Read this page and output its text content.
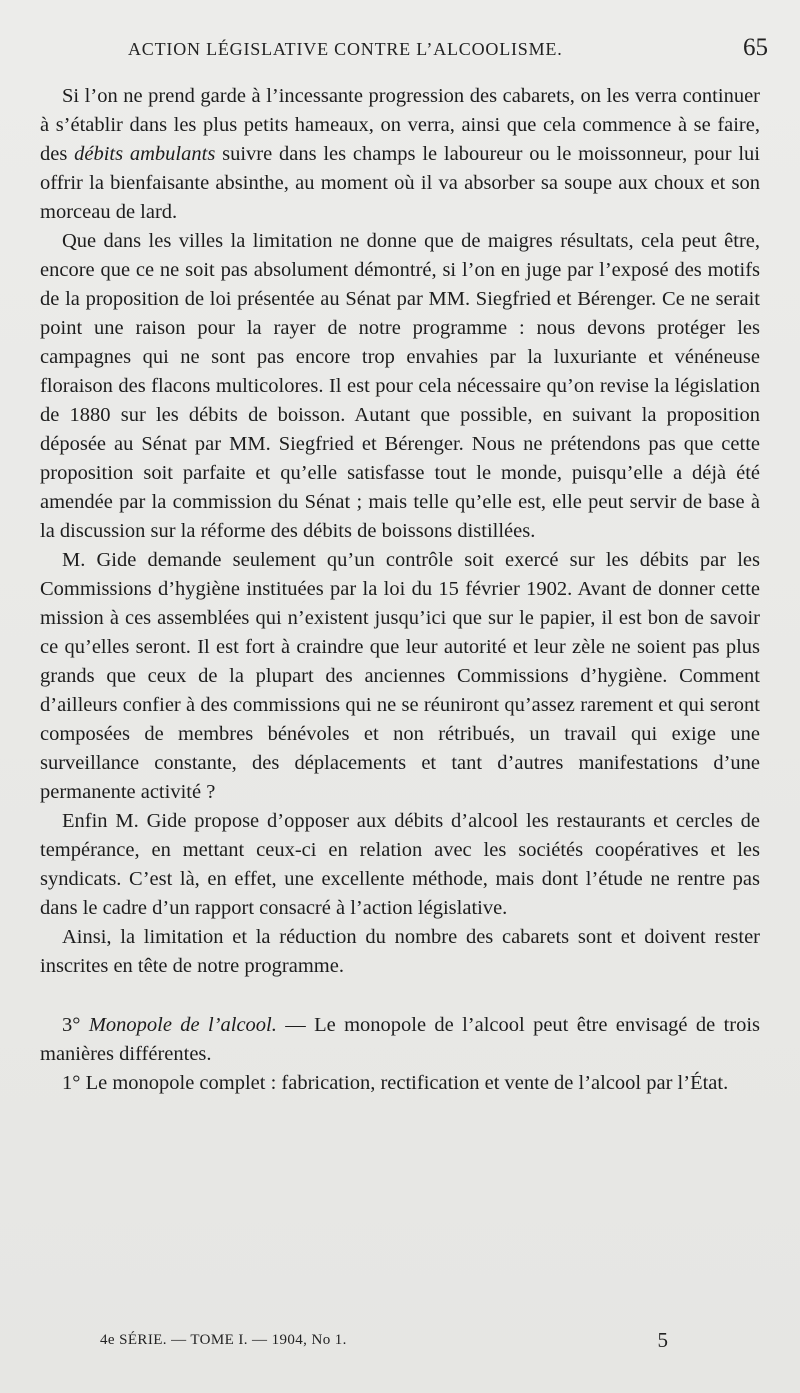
ACTION LÉGISLATIVE CONTRE L’ALCOOLISME.	65

Si l’on ne prend garde à l’incessante progression des cabarets, on les verra continuer à s’établir dans les plus petits hameaux, on verra, ainsi que cela commence à se faire, des débits ambulants suivre dans les champs le laboureur ou le moissonneur, pour lui offrir la bienfaisante absinthe, au moment où il va absorber sa soupe aux choux et son morceau de lard.

Que dans les villes la limitation ne donne que de maigres résultats, cela peut être, encore que ce ne soit pas absolument démontré, si l’on en juge par l’exposé des motifs de la proposition de loi présentée au Sénat par MM. Siegfried et Bérenger. Ce ne serait point une raison pour la rayer de notre programme : nous devons protéger les campagnes qui ne sont pas encore trop envahies par la luxuriante et vénéneuse floraison des flacons multicolores. Il est pour cela nécessaire qu’on revise la législation de 1880 sur les débits de boisson. Autant que possible, en suivant la proposition déposée au Sénat par MM. Siegfried et Bérenger. Nous ne prétendons pas que cette proposition soit parfaite et qu’elle satisfasse tout le monde, puisqu’elle a déjà été amendée par la commission du Sénat ; mais telle qu’elle est, elle peut servir de base à la discussion sur la réforme des débits de boissons distillées.

M. Gide demande seulement qu’un contrôle soit exercé sur les débits par les Commissions d’hygiène instituées par la loi du 15 février 1902. Avant de donner cette mission à ces assemblées qui n’existent jusqu’ici que sur le papier, il est bon de savoir ce qu’elles seront. Il est fort à craindre que leur autorité et leur zèle ne soient pas plus grands que ceux de la plupart des anciennes Commissions d’hygiène. Comment d’ailleurs confier à des commissions qui ne se réuniront qu’assez rarement et qui seront composées de membres bénévoles et non rétribués, un travail qui exige une surveillance constante, des déplacements et tant d’autres manifestations d’une permanente activité ?

Enfin M. Gide propose d’opposer aux débits d’alcool les restaurants et cercles de tempérance, en mettant ceux-ci en relation avec les sociétés coopératives et les syndicats. C’est là, en effet, une excellente méthode, mais dont l’étude ne rentre pas dans le cadre d’un rapport consacré à l’action législative.

Ainsi, la limitation et la réduction du nombre des cabarets sont et doivent rester inscrites en tête de notre programme.

3° Monopole de l’alcool. — Le monopole de l’alcool peut être envisagé de trois manières différentes.

1° Le monopole complet : fabrication, rectification et vente de l’alcool par l’État.

4e SÉRIE. — TOME I. — 1904, No 1.	5
